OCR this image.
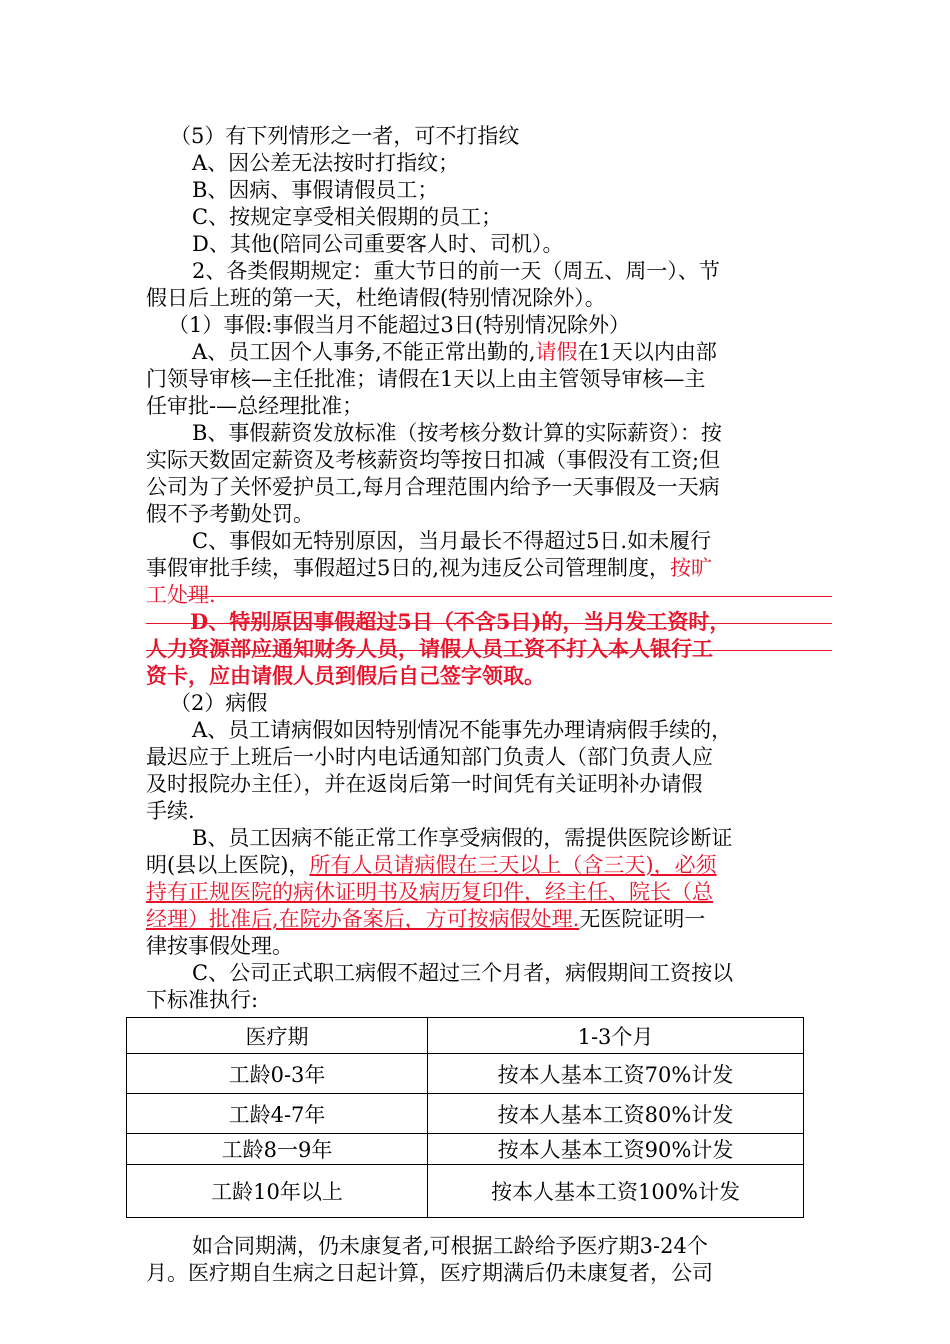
（5）有下列情形之一者，可不打指纹
A、因公差无法按时打指纹；
B、因病、事假请假员工；
C、按规定享受相关假期的员工；
D、其他(陪同公司重要客人时、司机）。
2、各类假期规定：重大节日的前一天（周五、周一）、节
假日后上班的第一天，杜绝请假(特别情况除外）。
（1）事假:事假当月不能超过3日(特别情况除外）
A、员工因个人事务,不能正常出勤的,请假在1天以内由部
门领导审核—主任批准；请假在1天以上由主管领导审核—主
任审批-—总经理批准；
B、事假薪资发放标准（按考核分数计算的实际薪资）：按
实际天数固定薪资及考核薪资均等按日扣减（事假没有工资;但
公司为了关怀爱护员工,每月合理范围内给予一天事假及一天病
假不予考勤处罚。
C、事假如无特别原因，当月最长不得超过5日.如未履行
事假审批手续，事假超过5日的,视为违反公司管理制度，按旷
工处理.
D、特别原因事假超过5日（不含5日)的，当月发工资时，
人力资源部应通知财务人员，请假人员工资不打入本人银行工
资卡，应由请假人员到假后自己签字领取。
（2）病假
A、员工请病假如因特别情况不能事先办理请病假手续的，
最迟应于上班后一小时内电话通知部门负责人（部门负责人应
及时报院办主任），并在返岗后第一时间凭有关证明补办请假
手续.
B、员工因病不能正常工作享受病假的，需提供医院诊断证
明(县以上医院)，所有人员请病假在三天以上（含三天)，必须
持有正规医院的病休证明书及病历复印件，经主任、院长（总
经理）批准后,在院办备案后，方可按病假处理.无医院证明一
律按事假处理。
C、公司正式职工病假不超过三个月者，病假期间工资按以
下标准执行:
医疗期	1-3个月
工龄0-3年	按本人基本工资70%计发
工龄4-7年	按本人基本工资80%计发
工龄8一9年	按本人基本工资90%计发
工龄10年以上	按本人基本工资100%计发
如合同期满，仍未康复者,可根据工龄给予医疗期3-24个
月。医疗期自生病之日起计算，医疗期满后仍未康复者，公司
